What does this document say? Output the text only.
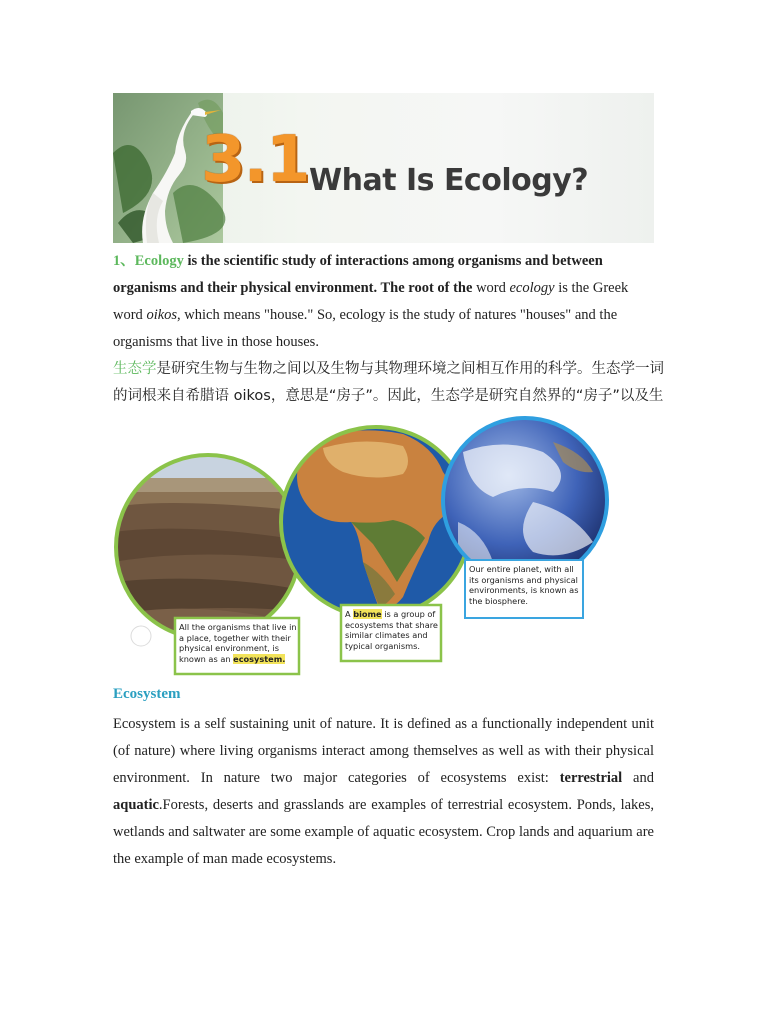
3.1 What Is Ecology?
1、Ecology is the scientific study of interactions among organisms and between organisms and their physical environment. The root of the word ecology is the Greek word oikos, which means "house." So, ecology is the study of natures "houses" and the organisms that live in those houses.
生态学是研究生物与生物之间以及生物与其物理环境之间相互作用的科学。生态学一词的词根来自希腊语 oikos，意思是“房子”。因此，生态学是研究自然界的“房子”以及生
Our entire planet, with all its organisms and physical environments, is known as the biosphere.
A biome is a group of ecosystems that share similar climates and typical organisms.
All the organisms that live in a place, together with their physical environment, is known as an ecosystem.
Ecosystem
Ecosystem is a self sustaining unit of nature. It is defined as a functionally independent unit (of nature) where living organisms interact among themselves as well as with their physical environment. In nature two major categories of ecosystems exist: terrestrial and aquatic.Forests, deserts and grasslands are examples of terrestrial ecosystem. Ponds, lakes, wetlands and saltwater are some example of aquatic ecosystem. Crop lands and aquarium are the example of man made ecosystems.
